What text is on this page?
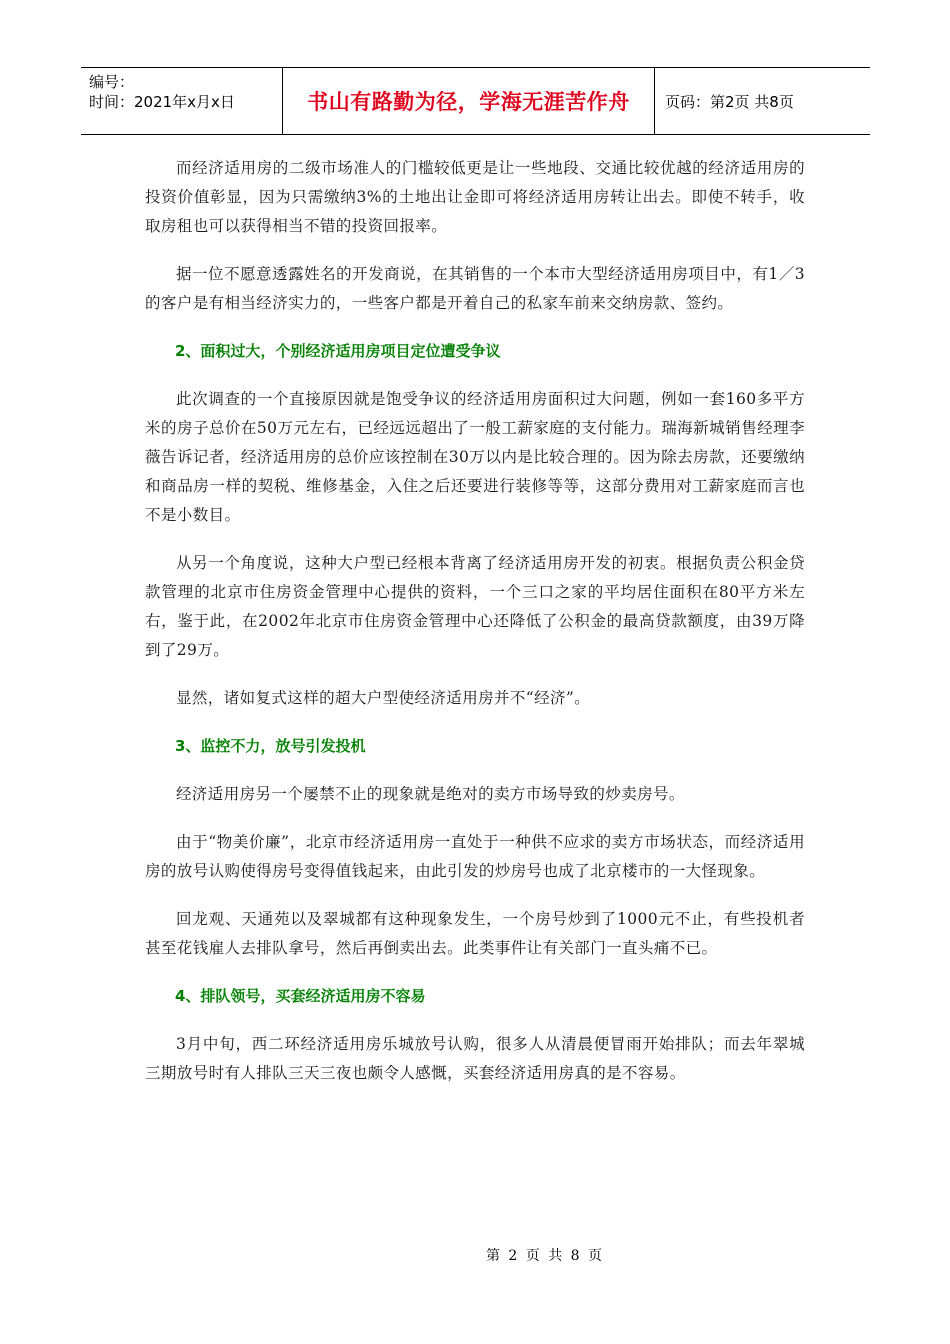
编号：
时间：2021年x月x日	书山有路勤为径，学海无涯苦作舟	页码：第2页 共8页

而经济适用房的二级市场准人的门槛较低更是让一些地段、交通比较优越的经济适用房的投资价值彰显，因为只需缴纳3%的土地出让金即可将经济适用房转让出去。即使不转手，收取房租也可以获得相当不错的投资回报率。

据一位不愿意透露姓名的开发商说，在其销售的一个本市大型经济适用房项目中，有1／3的客户是有相当经济实力的，一些客户都是开着自己的私家车前来交纳房款、签约。

2、面积过大，个别经济适用房项目定位遭受争议

此次调查的一个直接原因就是饱受争议的经济适用房面积过大问题，例如一套160多平方米的房子总价在50万元左右，已经远远超出了一般工薪家庭的支付能力。瑞海新城销售经理李薇告诉记者，经济适用房的总价应该控制在30万以内是比较合理的。因为除去房款，还要缴纳和商品房一样的契税、维修基金，入住之后还要进行装修等等，这部分费用对工薪家庭而言也不是小数目。

从另一个角度说，这种大户型已经根本背离了经济适用房开发的初衷。根据负责公积金贷款管理的北京市住房资金管理中心提供的资料，一个三口之家的平均居住面积在80平方米左右，鉴于此，在2002年北京市住房资金管理中心还降低了公积金的最高贷款额度，由39万降到了29万。

显然，诸如复式这样的超大户型使经济适用房并不“经济”。

3、监控不力，放号引发投机

经济适用房另一个屡禁不止的现象就是绝对的卖方市场导致的炒卖房号。

由于“物美价廉”，北京市经济适用房一直处于一种供不应求的卖方市场状态，而经济适用房的放号认购使得房号变得值钱起来，由此引发的炒房号也成了北京楼市的一大怪现象。

回龙观、天通苑以及翠城都有这种现象发生，一个房号炒到了1000元不止，有些投机者甚至花钱雇人去排队拿号，然后再倒卖出去。此类事件让有关部门一直头痛不已。

4、排队领号，买套经济适用房不容易

3月中旬，西二环经济适用房乐城放号认购，很多人从清晨便冒雨开始排队；而去年翠城三期放号时有人排队三天三夜也颇令人感慨，买套经济适用房真的是不容易。

第 2 页 共 8 页
